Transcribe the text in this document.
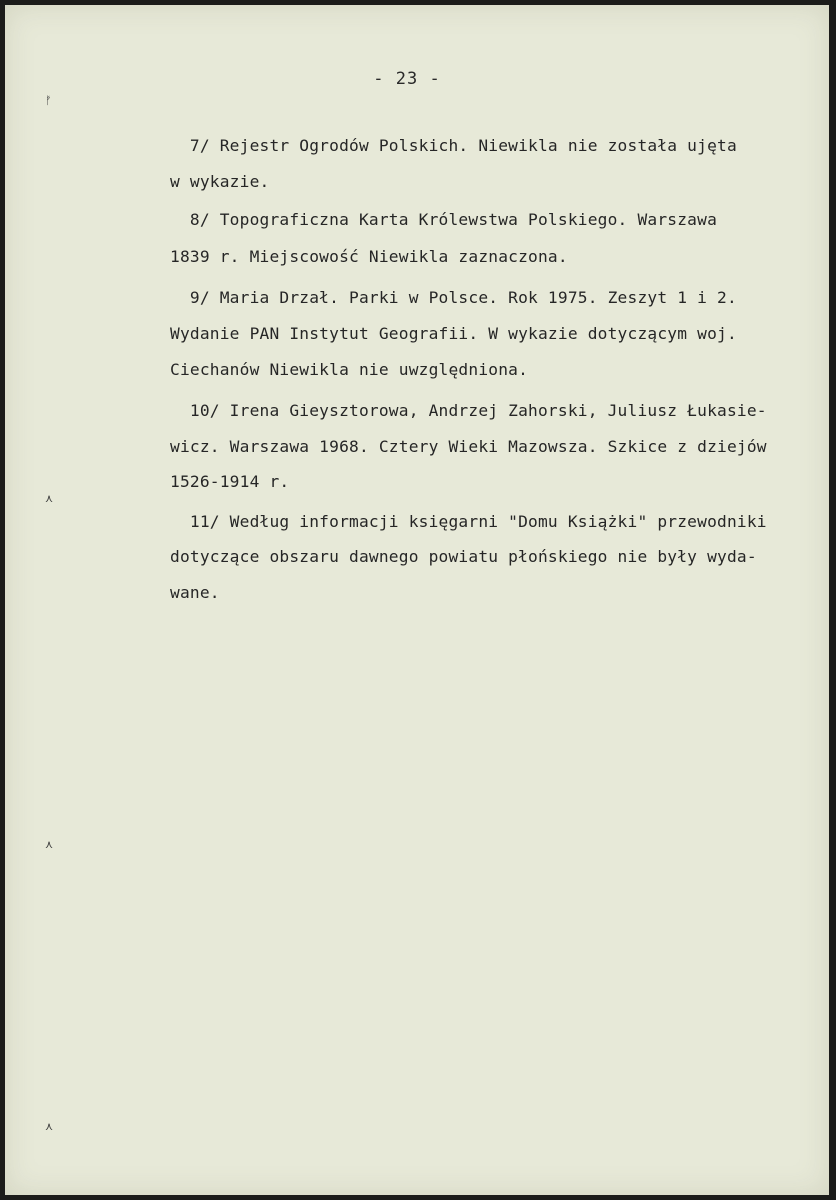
- 23 -
ᚠ
⋏
⋏
⋏
7/ Rejestr Ogrodów Polskich. Niewikla nie została ujęta
w wykazie.
8/ Topograficzna Karta Królewstwa Polskiego. Warszawa
1839 r. Miejscowość Niewikla zaznaczona.
9/ Maria Drzał. Parki w Polsce. Rok 1975. Zeszyt 1 i 2.
Wydanie PAN Instytut Geografii. W wykazie dotyczącym woj.
Ciechanów Niewikla nie uwzględniona.
10/ Irena Gieysztorowa, Andrzej Zahorski, Juliusz Łukasie-
wicz. Warszawa 1968. Cztery Wieki Mazowsza. Szkice z dziejów
1526-1914 r.
11/ Według informacji księgarni "Domu Książki" przewodniki
dotyczące obszaru dawnego powiatu płońskiego nie były wyda-
wane.
